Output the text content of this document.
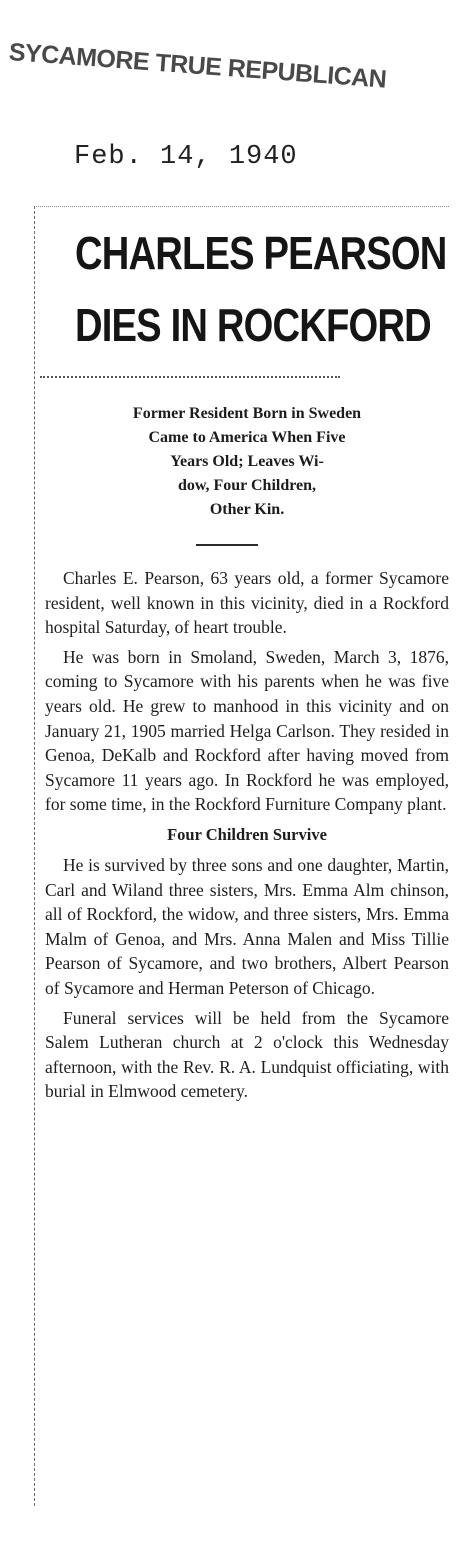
SYCAMORE TRUE REPUBLICAN
Feb. 14, 1940
CHARLES PEARSON
DIES IN ROCKFORD
Former Resident Born in Sweden
Came to America When Five
Years Old; Leaves Wi-
dow, Four Children,
Other Kin.

Charles E. Pearson, 63 years old, a former Sycamore resident, well known in this vicinity, died in a Rockford hospital Saturday, of heart trouble.

He was born in Smoland, Sweden, March 3, 1876, coming to Sycamore with his parents when he was five years old. He grew to manhood in this vicinity and on January 21, 1905 married Helga Carlson. They resided in Genoa, DeKalb and Rockford after having moved from Sycamore 11 years ago. In Rockford he was employed, for some time, in the Rockford Furniture Company plant.

Four Children Survive

He is survived by three sons and one daughter, Martin, Carl and Wiland three sisters, Mrs. Emma Alm chinson, all of Rockford, the widow, and three sisters, Mrs. Emma Malm of Genoa, and Mrs. Anna Malen and Miss Tillie Pearson of Sycamore, and two brothers, Albert Pearson of Sycamore and Herman Peterson of Chicago.

Funeral services will be held from the Sycamore Salem Lutheran church at 2 o'clock this Wednesday afternoon, with the Rev. R. A. Lundquist officiating, with burial in Elmwood cemetery.
